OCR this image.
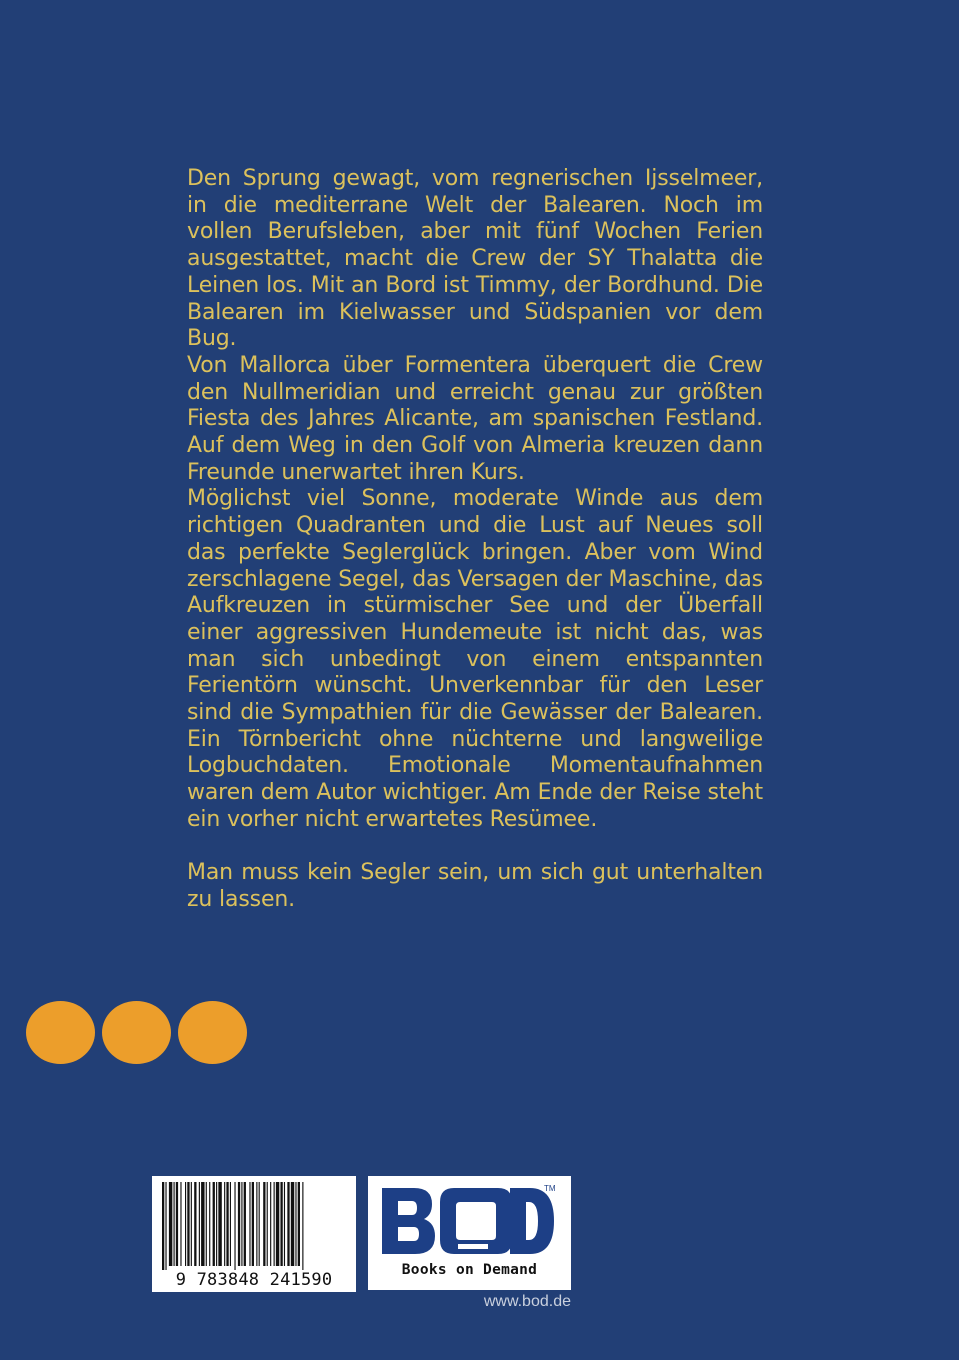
Den Sprung gewagt, vom regnerischen Ijsselmeer, in die mediterrane Welt der Balearen. Noch im vollen Berufsleben, aber mit fünf Wochen Ferien ausgestattet, macht die Crew der SY Thalatta die Leinen los. Mit an Bord ist Timmy, der Bordhund. Die Balearen im Kielwasser und Südspanien vor dem Bug.

Von Mallorca über Formentera überquert die Crew den Nullmeridian und erreicht genau zur größten Fiesta des Jahres Alicante, am spanischen Festland. Auf dem Weg in den Golf von Almeria kreuzen dann Freunde unerwartet ihren Kurs.

Möglichst viel Sonne, moderate Winde aus dem richtigen Quadranten und die Lust auf Neues soll das perfekte Seglerglück bringen. Aber vom Wind zerschlagene Segel, das Versagen der Maschine, das Aufkreuzen in stürmischer See und der Überfall einer aggressiven Hundemeute ist nicht das, was man sich unbedingt von einem entspannten Ferientörn wünscht. Unverkennbar für den Leser sind die Sympathien für die Gewässer der Balearen. Ein Törnbericht ohne nüchterne und langweilige Logbuchdaten. Emotionale Momentaufnahmen waren dem Autor wichtiger. Am Ende der Reise steht ein vorher nicht erwartetes Resümee.

Man muss kein Segler sein, um sich gut unterhalten zu lassen.

9 783848 241590
TM
Books on Demand
www.bod.de
